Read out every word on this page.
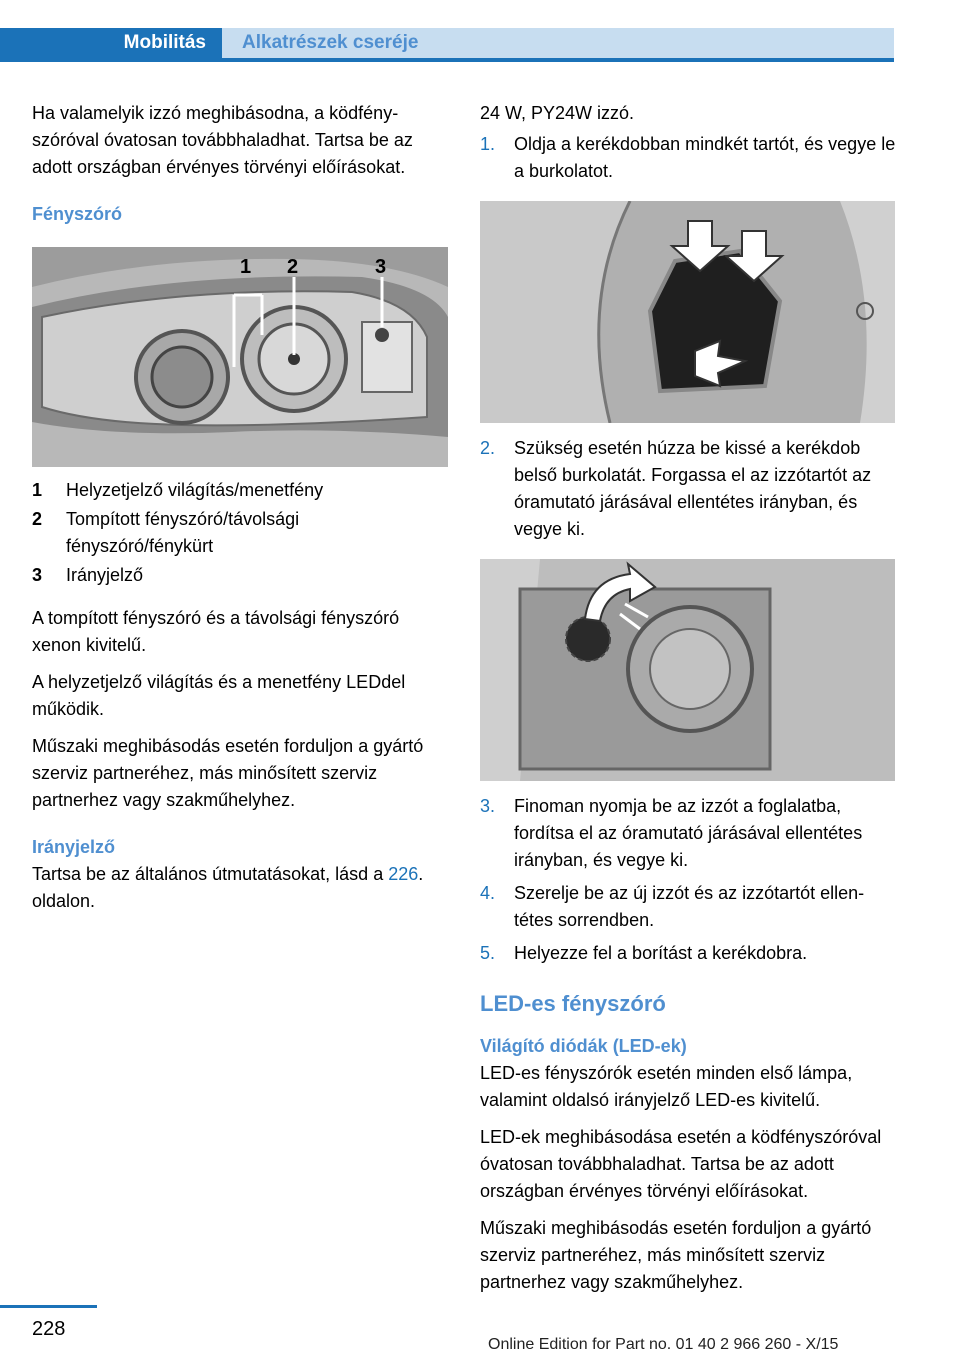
Mobilitás	Alkatrészek cseréje

Ha valamelyik izzó meghibásodna, a ködfényszóróval óvatosan továbbhaladhat. Tartsa be az adott országban érvényes törvényi előírásokat.

Fényszóró

1 2	3
1	Helyzetjelző világítás/menetfény
2	Tompított fényszóró/távolsági fényszóró/fénykürt
3	Irányjelző

A tompított fényszóró és a távolsági fényszóró xenon kivitelű.

A helyzetjelző világítás és a menetfény LEDdel működik.

Műszaki meghibásodás esetén forduljon a gyártó szerviz partneréhez, más minősített szerviz partnerhez vagy szakműhelyhez.

Irányjelző

Tartsa be az általános útmutatásokat, lásd a 226. oldalon.

24 W, PY24W izzó.

1.	Oldja a kerékdobban mindkét tartót, és vegye le a burkolatot.
2.	Szükség esetén húzza be kissé a kerékdob belső burkolatát. Forgassa el az izzótartót az óramutató járásával ellentétes irányban, és vegye ki.
3.	Finoman nyomja be az izzót a foglalatba, fordítsa el az óramutató járásával ellentétes irányban, és vegye ki.
4.	Szerelje be az új izzót és az izzótartót ellentétes sorrendben.
5.	Helyezze fel a borítást a kerékdobra.

LED-es fényszóró

Világító diódák (LED-ek)

LED-es fényszórók esetén minden első lámpa, valamint oldalsó irányjelző LED-es kivitelű.

LED-ek meghibásodása esetén a ködfényszóróval óvatosan továbbhaladhat. Tartsa be az adott országban érvényes törvényi előírásokat.

Műszaki meghibásodás esetén forduljon a gyártó szerviz partneréhez, más minősített szerviz partnerhez vagy szakműhelyhez.

228
Online Edition for Part no. 01 40 2 966 260 - X/15
